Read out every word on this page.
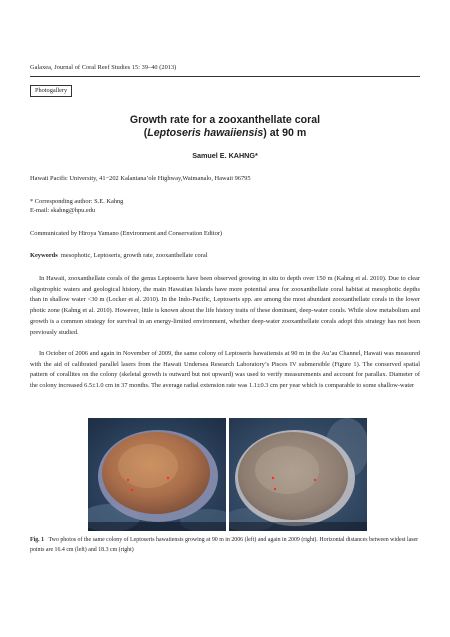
Galaxea, Journal of Coral Reef Studies 15: 39–40 (2013)
Photogallery
Growth rate for a zooxanthellate coral
(Leptoseris hawaiiensis) at 90 m
Samuel E. KAHNG*
Hawaii Pacific University, 41−202 Kalaniana’ole Highway,Waimanalo, Hawaii 96795
* Corresponding author: S.E. Kahng
E-mail: skahng@hpu.edu
Communicated by Hiroya Yamano (Environment and Conservation Editor)
Keywords mesophotic, Leptoseris, growth rate, zooxanthellate coral

In Hawaii, zooxanthellate corals of the genus Leptoseris have been observed growing in situ to depth over 150 m (Kahng et al. 2010). Due to clear oligotrophic waters and geological history, the main Hawaiian Islands have more potential area for zooxanthellate coral habitat at mesophotic depths than in shallow water <30 m (Locker et al. 2010). In the Indo-Pacific, Leptoseris spp. are among the most abundant zooxanthellate corals in the lower photic zone (Kahng et al. 2010). However, little is known about the life history traits of these dominant, deep-water corals. While slow metabolism and growth is a common strategy for survival in an energy-limited environment, whether deep-water zooxanthellate corals adopt this strategy has not been previously studied.

In October of 2006 and again in November of 2009, the same colony of Leptoseris hawaiiensis at 90 m in the Au’au Channel, Hawaii was measured with the aid of calibrated parallel lasers from the Hawaii Undersea Research Laboratory’s Pisces IV submersible (Figure 1). The conserved spatial pattern of corallites on the colony (skeletal growth is outward but not upward) was used to verify measurements and account for parallax. Diameter of the colony increased 6.5±1.0 cm in 37 months. The average radial extension rate was 1.1±0.3 cm per year which is comparable to some shallow-water

Fig. 1 Two photos of the same colony of Leptoseris hawaiiensis growing at 90 m in 2006 (left) and again in 2009 (right). Horizontal distances between widest laser points are 16.4 cm (left) and 18.3 cm (right)
